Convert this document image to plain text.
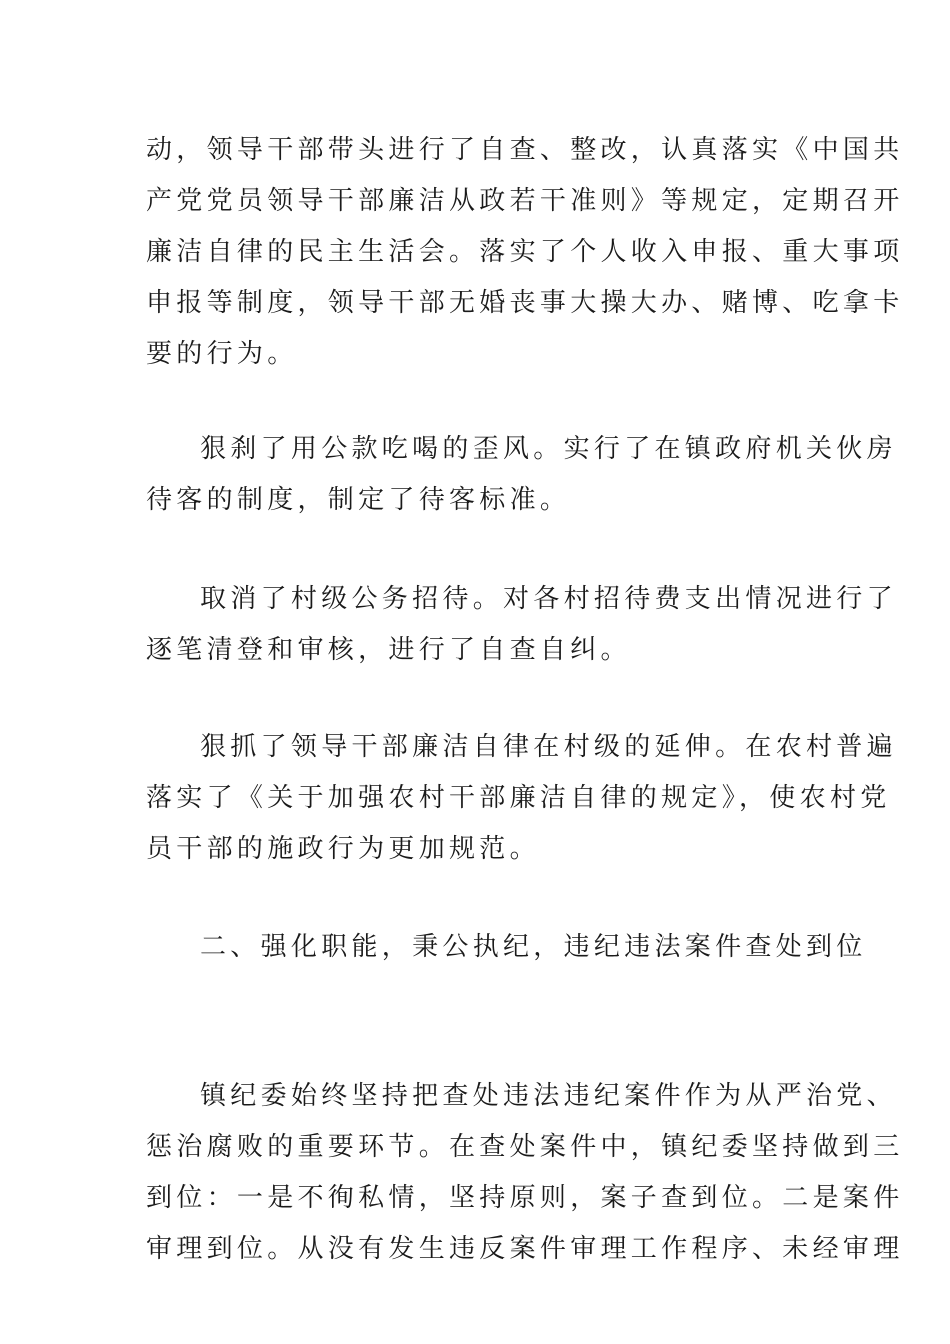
动，领导干部带头进行了自查、整改，认真落实《中国共
产党党员领导干部廉洁从政若干准则》等规定，定期召开
廉洁自律的民主生活会。落实了个人收入申报、重大事项
申报等制度，领导干部无婚丧事大操大办、赌博、吃拿卡
要的行为。
狠刹了用公款吃喝的歪风。实行了在镇政府机关伙房
待客的制度，制定了待客标准。
取消了村级公务招待。对各村招待费支出情况进行了
逐笔清登和审核，进行了自查自纠。
狠抓了领导干部廉洁自律在村级的延伸。在农村普遍
落实了《关于加强农村干部廉洁自律的规定》，使农村党
员干部的施政行为更加规范。
二、强化职能，秉公执纪，违纪违法案件查处到位
镇纪委始终坚持把查处违法违纪案件作为从严治党、
惩治腐败的重要环节。在查处案件中，镇纪委坚持做到三
到位：一是不徇私情，坚持原则，案子查到位。二是案件
审理到位。从没有发生违反案件审理工作程序、未经审理
